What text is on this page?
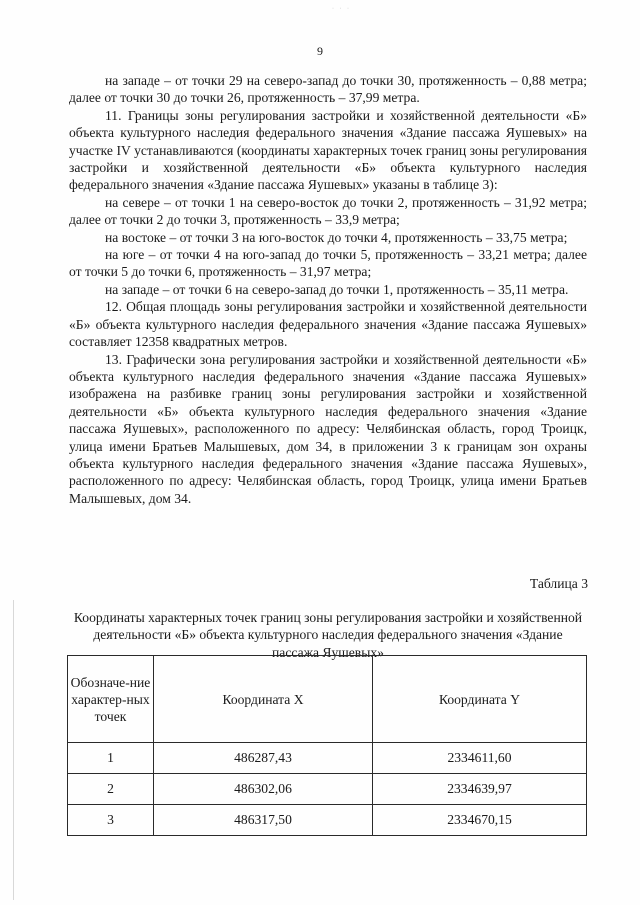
· · ·
9

на западе – от точки 29 на северо-запад до точки 30, протяженность – 0,88 метра; далее от точки 30 до точки 26, протяженность – 37,99 метра.

11. Границы зоны регулирования застройки и хозяйственной деятельности «Б» объекта культурного наследия федерального значения «Здание пассажа Яушевых» на участке IV устанавливаются (координаты характерных точек границ зоны регулирования застройки и хозяйственной деятельности «Б» объекта культурного наследия федерального значения «Здание пассажа Яушевых» указаны в таблице 3):

на севере – от точки 1 на северо-восток до точки 2, протяженность – 31,92 метра; далее от точки 2 до точки 3, протяженность – 33,9 метра;

на востоке – от точки 3 на юго-восток до точки 4, протяженность – 33,75 метра;

на юге – от точки 4 на юго-запад до точки 5, протяженность – 33,21 метра; далее от точки 5 до точки 6, протяженность – 31,97 метра;

на западе – от точки 6 на северо-запад до точки 1, протяженность – 35,11 метра.

12. Общая площадь зоны регулирования застройки и хозяйственной деятельности «Б» объекта культурного наследия федерального значения «Здание пассажа Яушевых» составляет 12358 квадратных метров.

13. Графически зона регулирования застройки и хозяйственной деятельности «Б» объекта культурного наследия федерального значения «Здание пассажа Яушевых» изображена на разбивке границ зоны регулирования застройки и хозяйственной деятельности «Б» объекта культурного наследия федерального значения «Здание пассажа Яушевых», расположенного по адресу: Челябинская область, город Троицк, улица имени Братьев Малышевых, дом 34, в приложении 3 к границам зон охраны объекта культурного наследия федерального значения «Здание пассажа Яушевых», расположенного по адресу: Челябинская область, город Троицк, улица имени Братьев Малышевых, дом 34.

Таблица 3
Координаты характерных точек границ зоны регулирования застройки и хозяйственной деятельности «Б» объекта культурного наследия федерального значения «Здание пассажа Яушевых»
Обозначе-ние характер-ных точек	Координата X	Координата Y
1	486287,43	2334611,60
2	486302,06	2334639,97
3	486317,50	2334670,15
